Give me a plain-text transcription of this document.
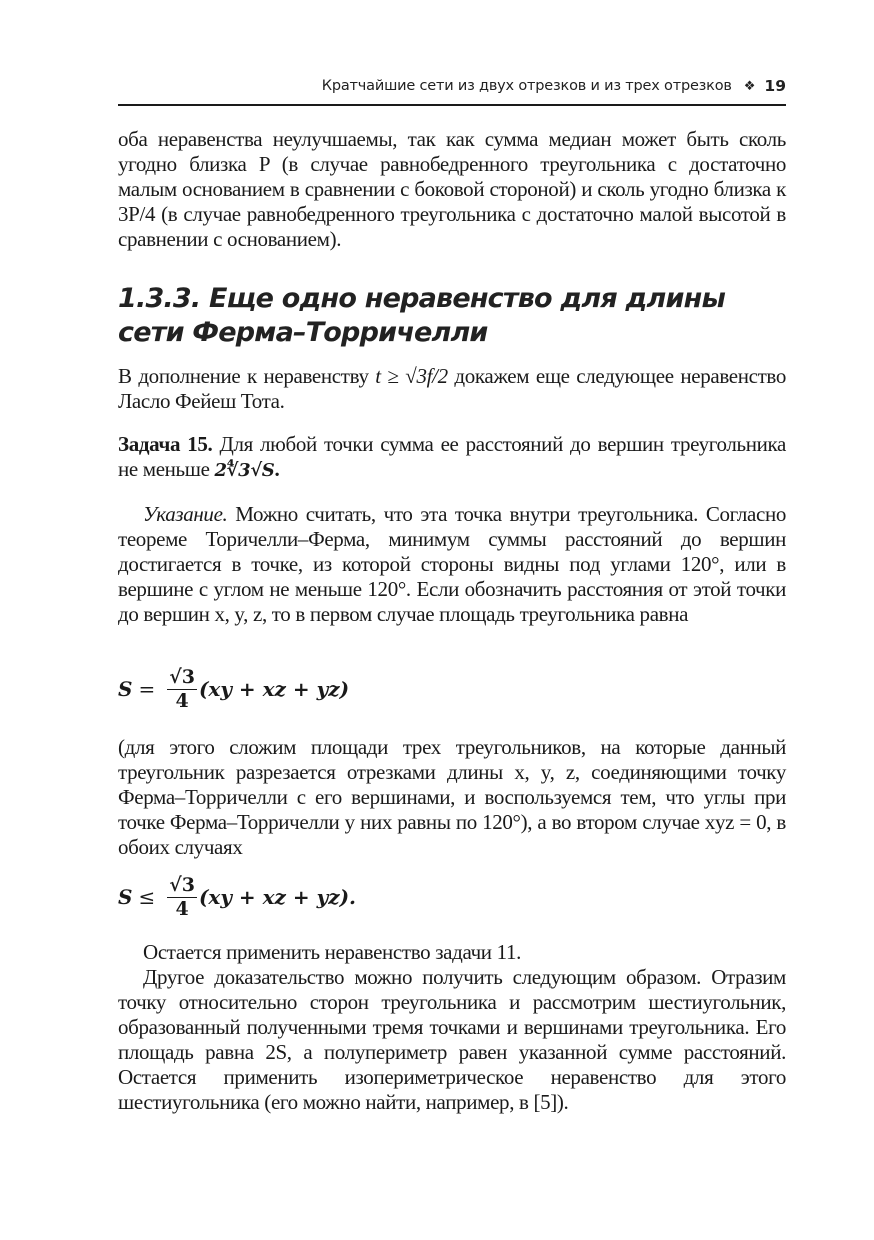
Кратчайшие сети из двух отрезков и из трех отрезков ❖ 19

оба неравенства неулучшаемы, так как сумма медиан может быть сколь угодно близка P (в случае равнобедренного треугольника с достаточно малым основанием в сравнении с боковой стороной) и сколь угодно близка к 3P/4 (в случае равнобедренного треугольника с достаточно малой высотой в сравнении с основанием).

1.3.3. Еще одно неравенство для длины сети Ферма–Торричелли

В дополнение к неравенству t ≥ √3f/2 докажем еще следующее неравенство Ласло Фейеш Тота.

Задача 15. Для любой точки сумма ее расстояний до вершин треугольника не меньше 2∜3√S.

Указание. Можно считать, что эта точка внутри треугольника. Согласно теореме Торичелли–Ферма, минимум суммы расстояний до вершин достигается в точке, из которой стороны видны под углами 120°, или в вершине с углом не меньше 120°. Если обозначить расстояния от этой точки до вершин x, y, z, то в первом случае площадь треугольника равна

$S = \frac{√3}{4} (xy$ + xz + yz)

(для этого сложим площади трех треугольников, на которые данный треугольник разрезается отрезками длины x, y, z, соединяющими точку Ферма–Торричелли с его вершинами, и воспользуемся тем, что углы при точке Ферма–Торричелли у них равны по 120°), а во втором случае xyz = 0, в обоих случаях

$S \le \frac{√3}{4} (xy$ + xz + yz).

Остается применить неравенство задачи 11.

Другое доказательство можно получить следующим образом. Отразим точку относительно сторон треугольника и рассмотрим шестиугольник, образованный полученными тремя точками и вершинами треугольника. Его площадь равна 2S, а полупериметр равен указанной сумме расстояний. Остается применить изопериметрическое неравенство для этого шестиугольника (его можно найти, например, в [5]).
